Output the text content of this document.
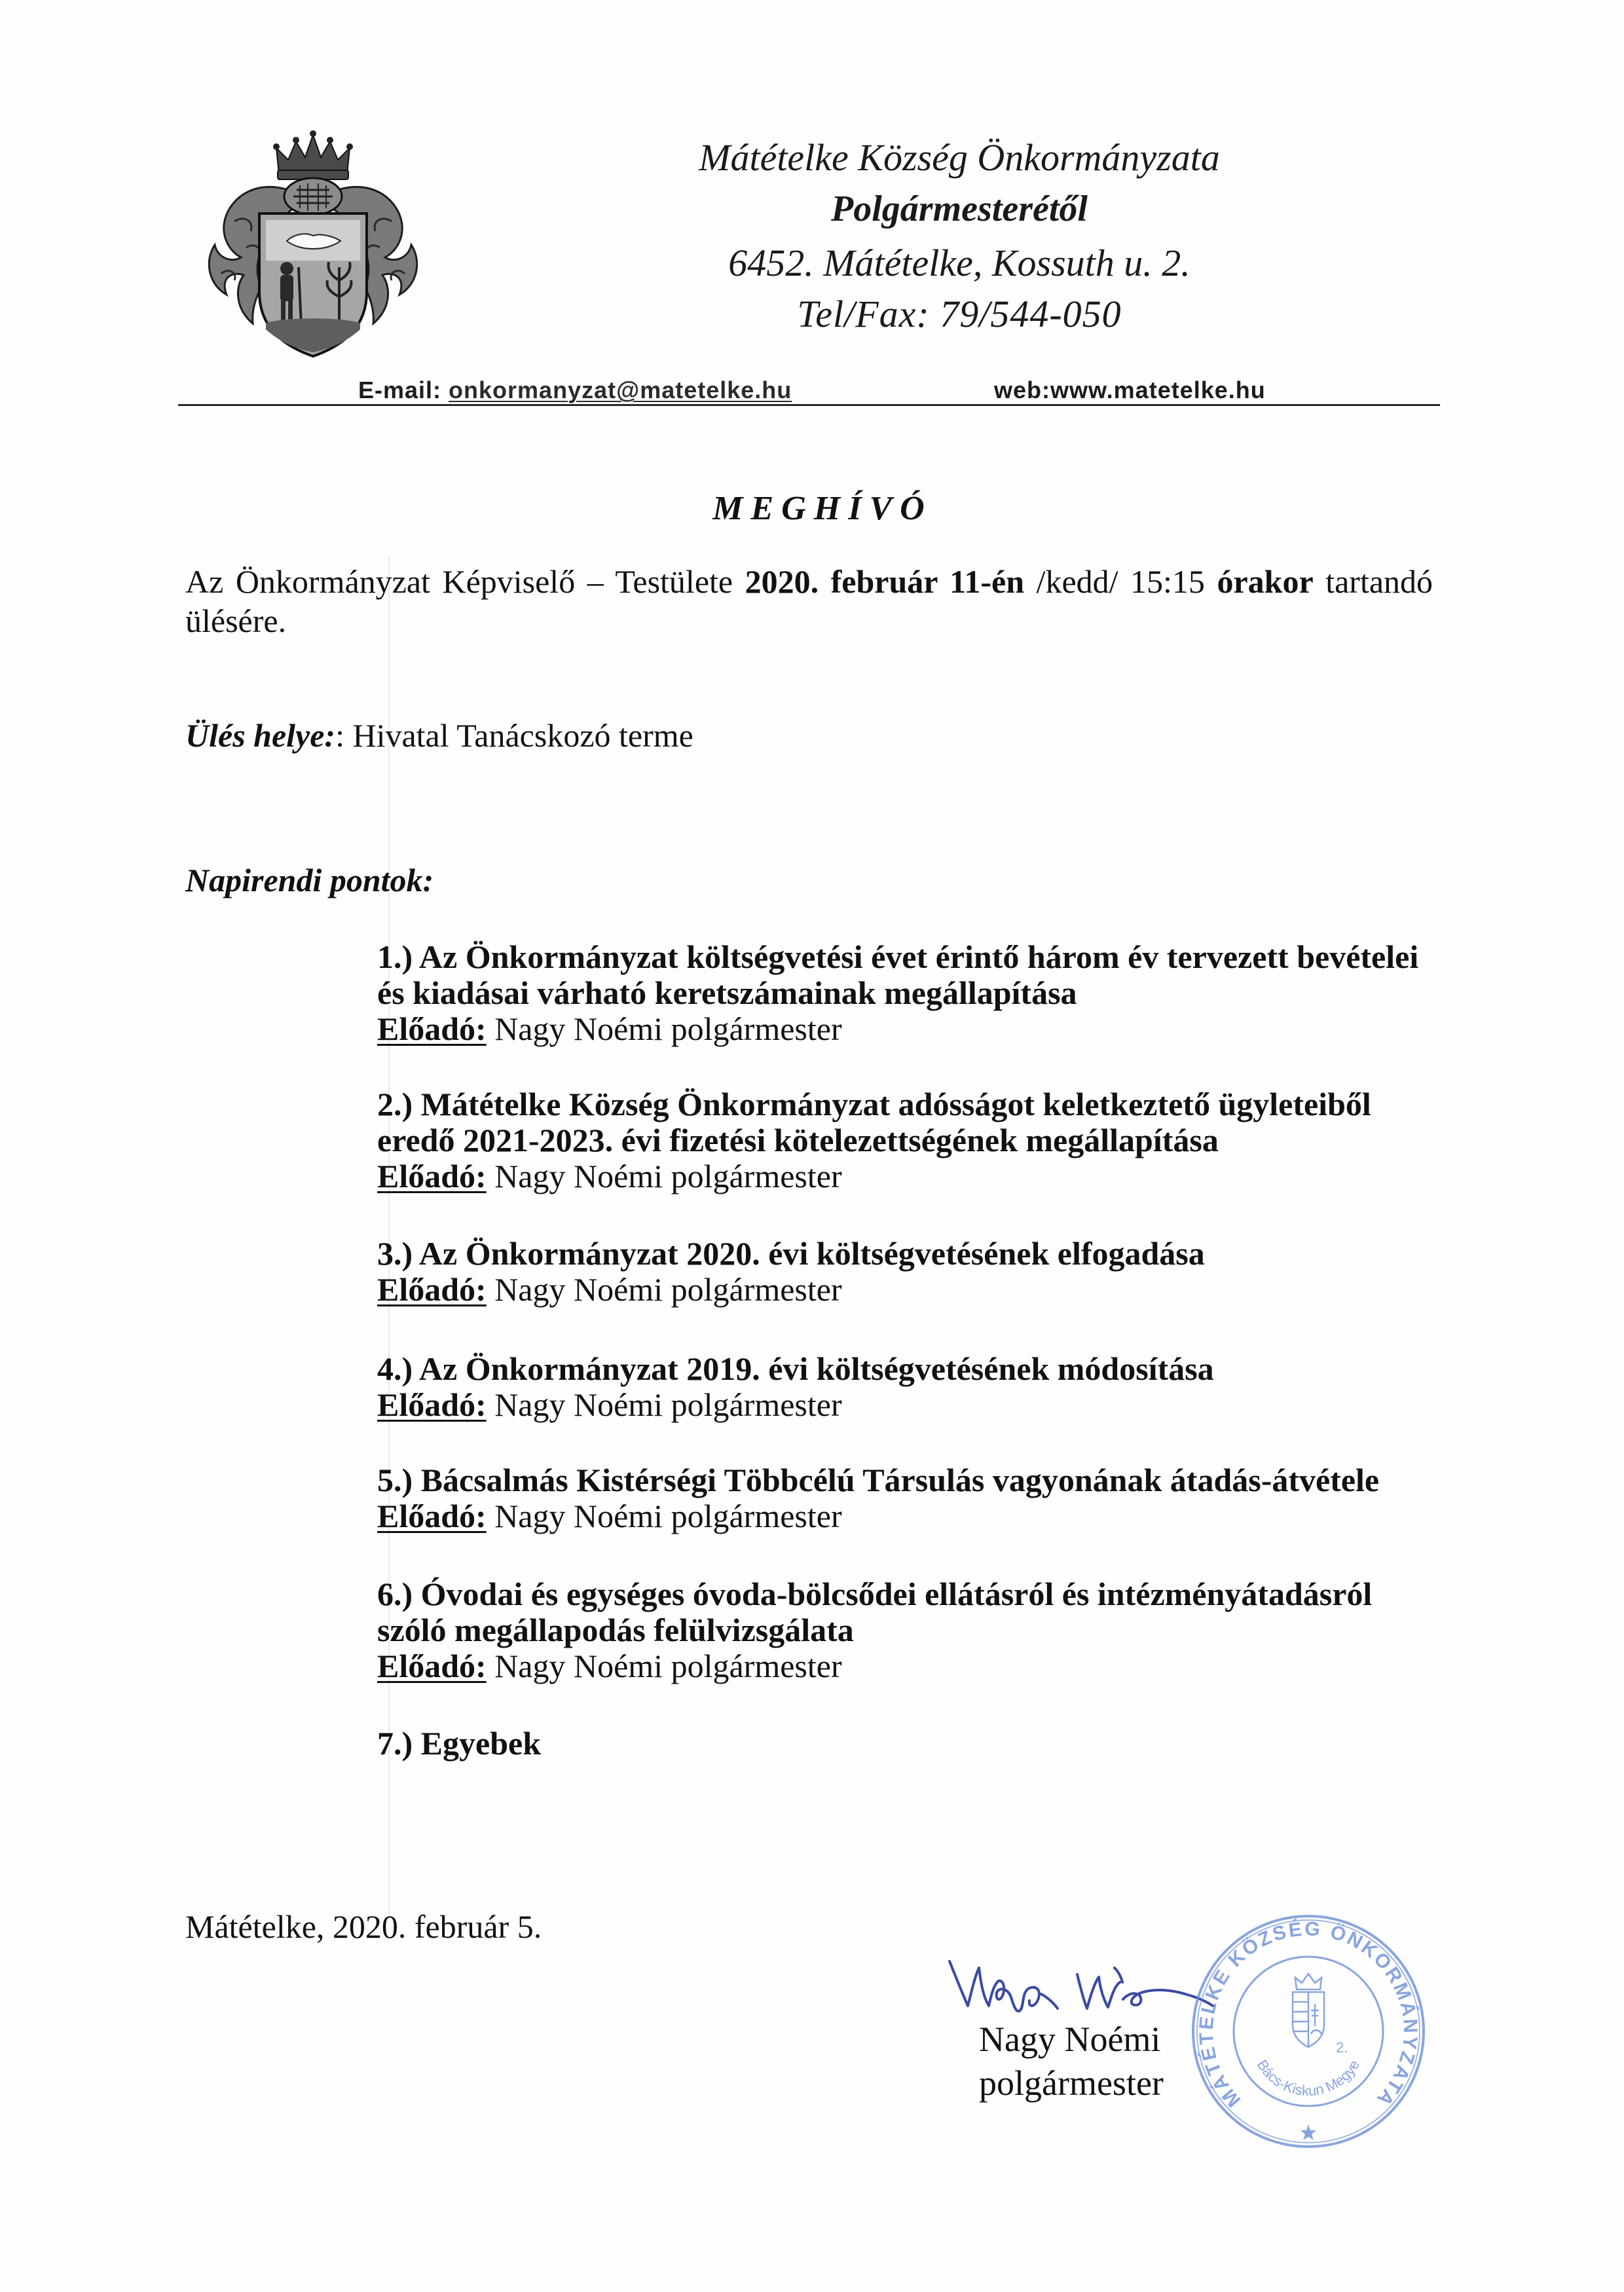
Mátételke Község Önkormányzata
Polgármesterétől
6452. Mátételke, Kossuth u. 2.
Tel/Fax: 79/544-050
E-mail: onkormanyzat@matetelke.hu	web:www.matetelke.hu
MEGHÍVÓ
Az Önkormányzat Képviselő – Testülete 2020. február 11-én /kedd/ 15:15 órakor tartandó
ülésére.
Ülés helye:: Hivatal Tanácskozó terme
Napirendi pontok:
1.) Az Önkormányzat költségvetési évet érintő három év tervezett bevételei
és kiadásai várható keretszámainak megállapítása
Előadó: Nagy Noémi polgármester
2.) Mátételke Község Önkormányzat adósságot keletkeztető ügyleteiből
eredő 2021-2023. évi fizetési kötelezettségének megállapítása
Előadó: Nagy Noémi polgármester
3.) Az Önkormányzat 2020. évi költségvetésének elfogadása
Előadó: Nagy Noémi polgármester
4.) Az Önkormányzat 2019. évi költségvetésének módosítása
Előadó: Nagy Noémi polgármester
5.) Bácsalmás Kistérségi Többcélú Társulás vagyonának átadás-átvétele
Előadó: Nagy Noémi polgármester
6.) Óvodai és egységes óvoda-bölcsődei ellátásról és intézményátadásról
szóló megállapodás felülvizsgálata
Előadó: Nagy Noémi polgármester
7.) Egyebek
Mátételke, 2020. február 5.
Nagy Noémi
polgármester	MÁTÉTELKE KÖZSÉG ÖNKORMÁNYZATA
Bács-Kiskun Megye
2.
